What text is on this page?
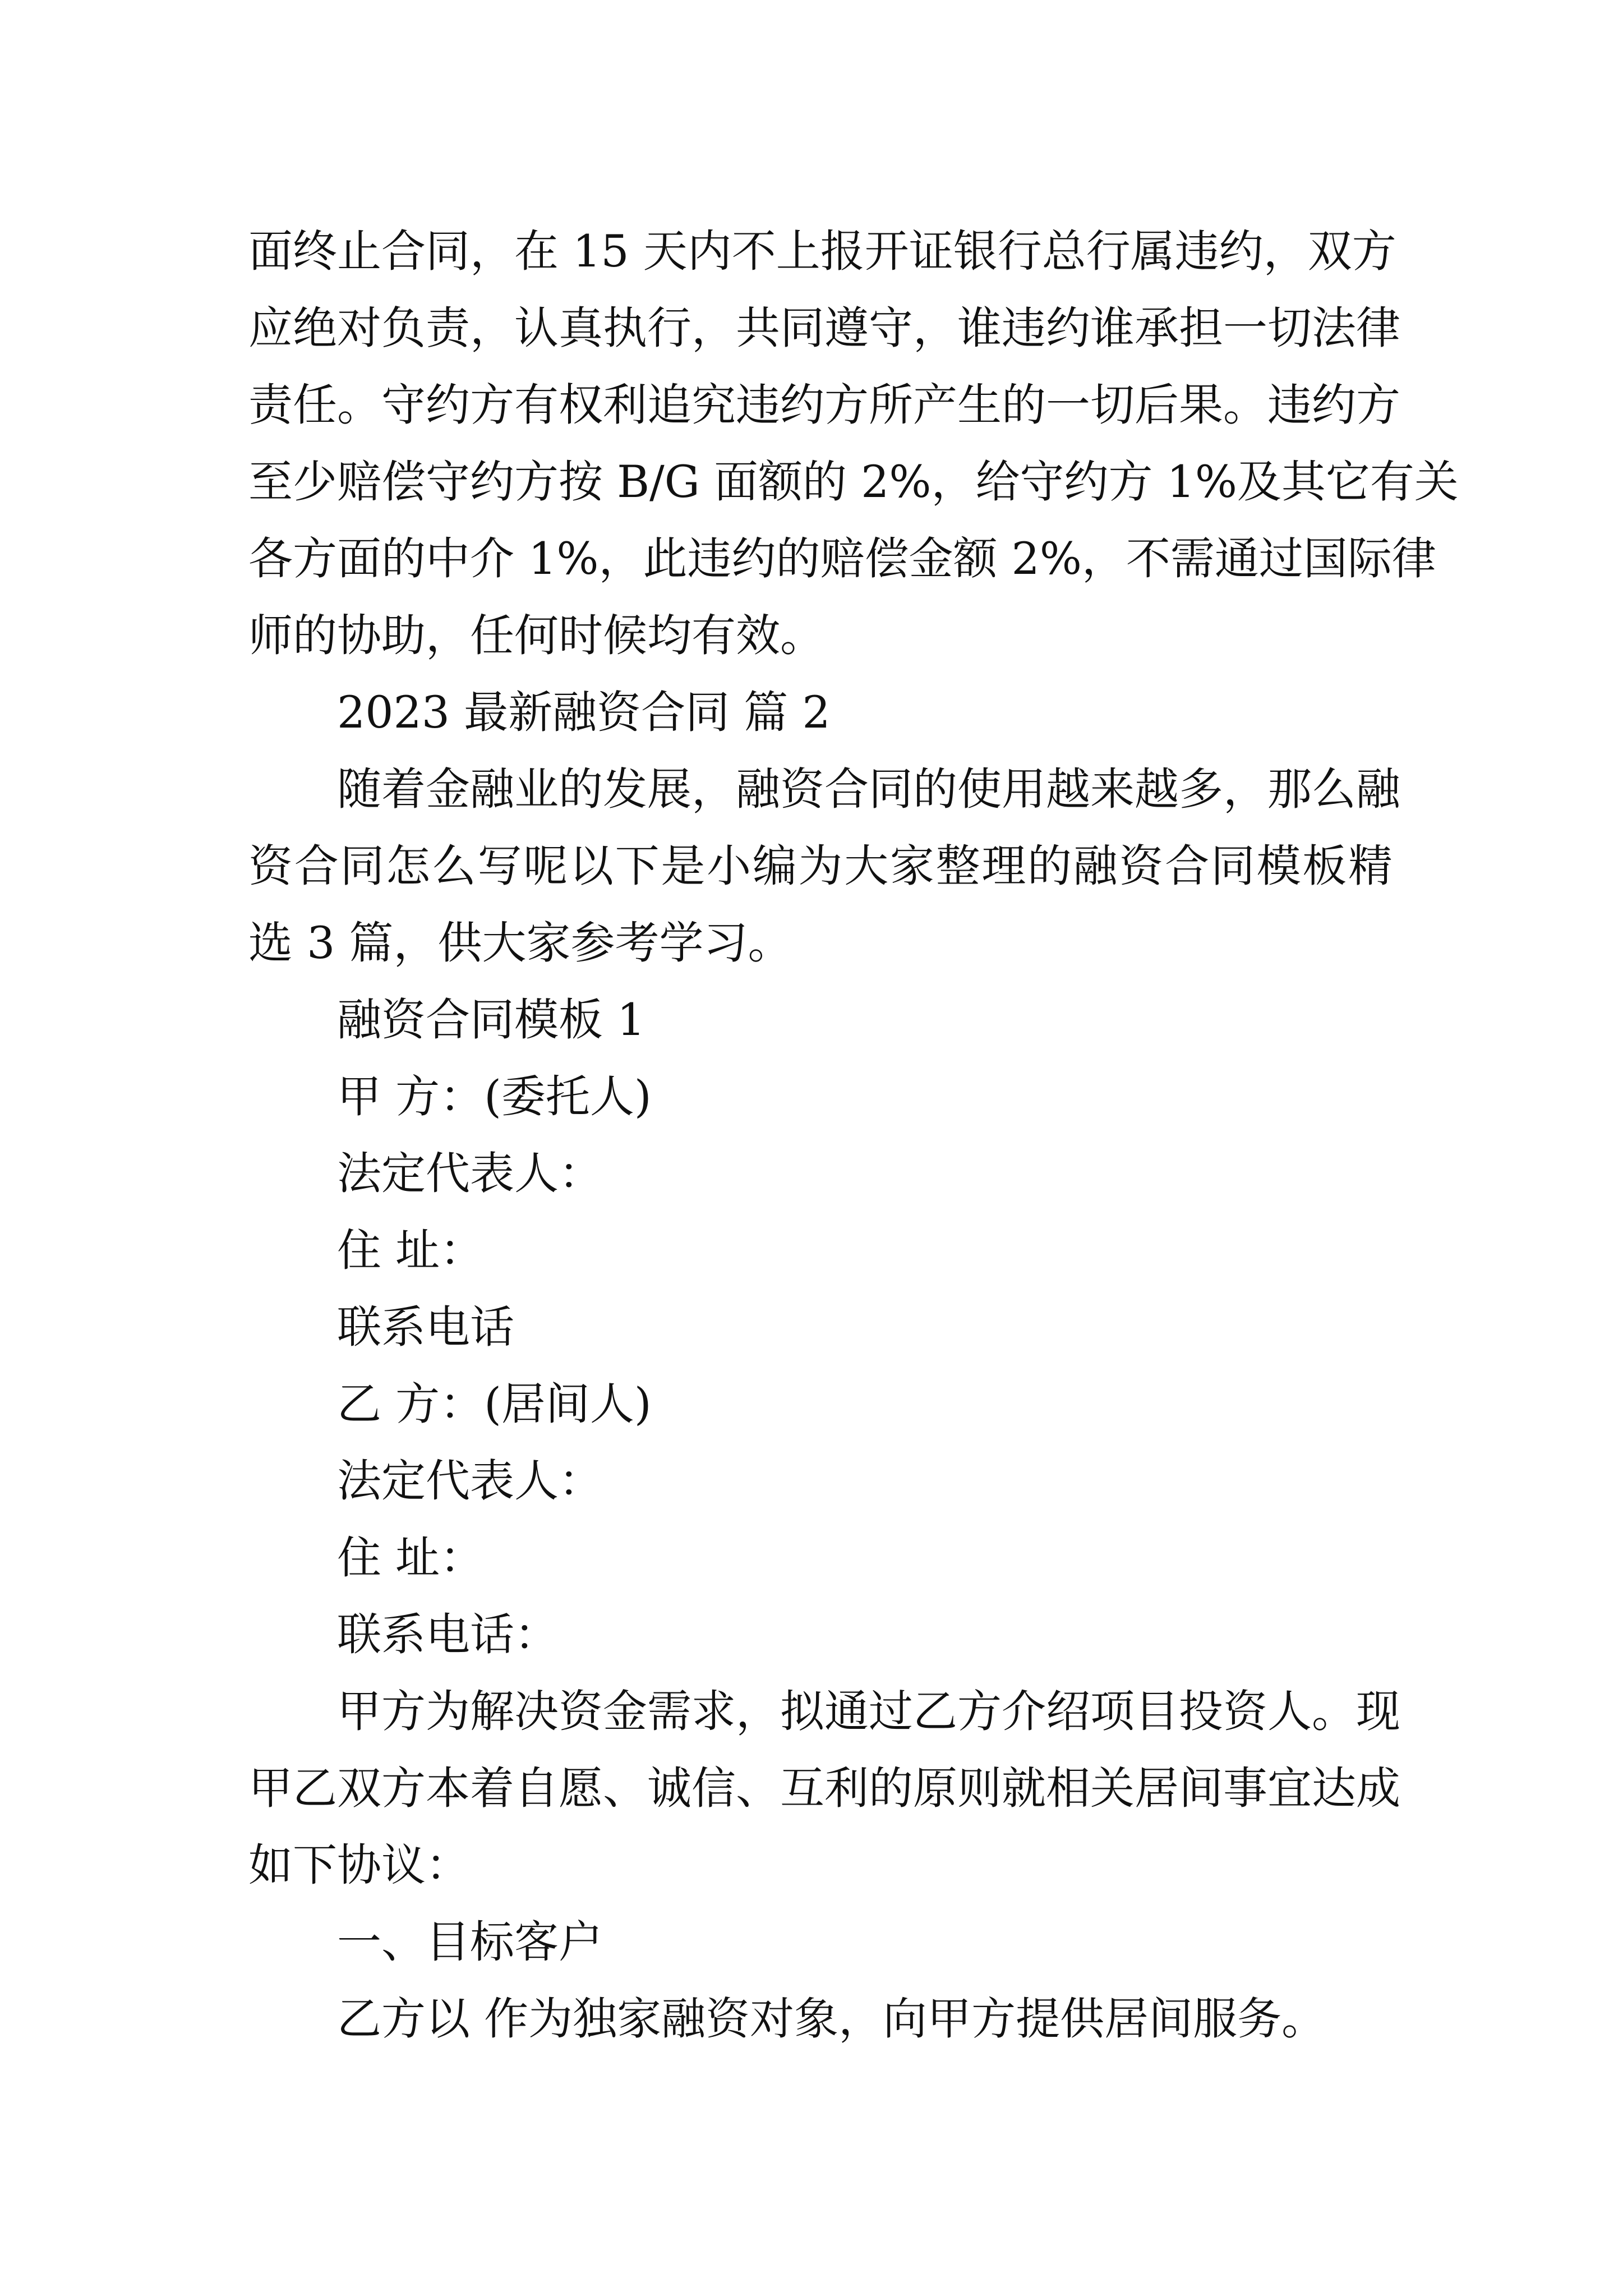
面终止合同，在 15 天内不上报开证银行总行属违约，双方
应绝对负责，认真执行，共同遵守，谁违约谁承担一切法律
责任。守约方有权利追究违约方所产生的一切后果。违约方
至少赔偿守约方按 B/G 面额的 2%，给守约方 1%及其它有关
各方面的中介 1%，此违约的赔偿金额 2%，不需通过国际律
师的协助，任何时候均有效。
2023 最新融资合同 篇 2
随着金融业的发展，融资合同的使用越来越多，那么融
资合同怎么写呢以下是小编为大家整理的融资合同模板精
选 3 篇，供大家参考学习。
融资合同模板 1
甲 方：(委托人)
法定代表人：
住 址：
联系电话
乙 方：(居间人)
法定代表人：
住 址：
联系电话：
甲方为解决资金需求，拟通过乙方介绍项目投资人。现
甲乙双方本着自愿、诚信、互利的原则就相关居间事宜达成
如下协议：
一、目标客户
乙方以 作为独家融资对象，向甲方提供居间服务。
